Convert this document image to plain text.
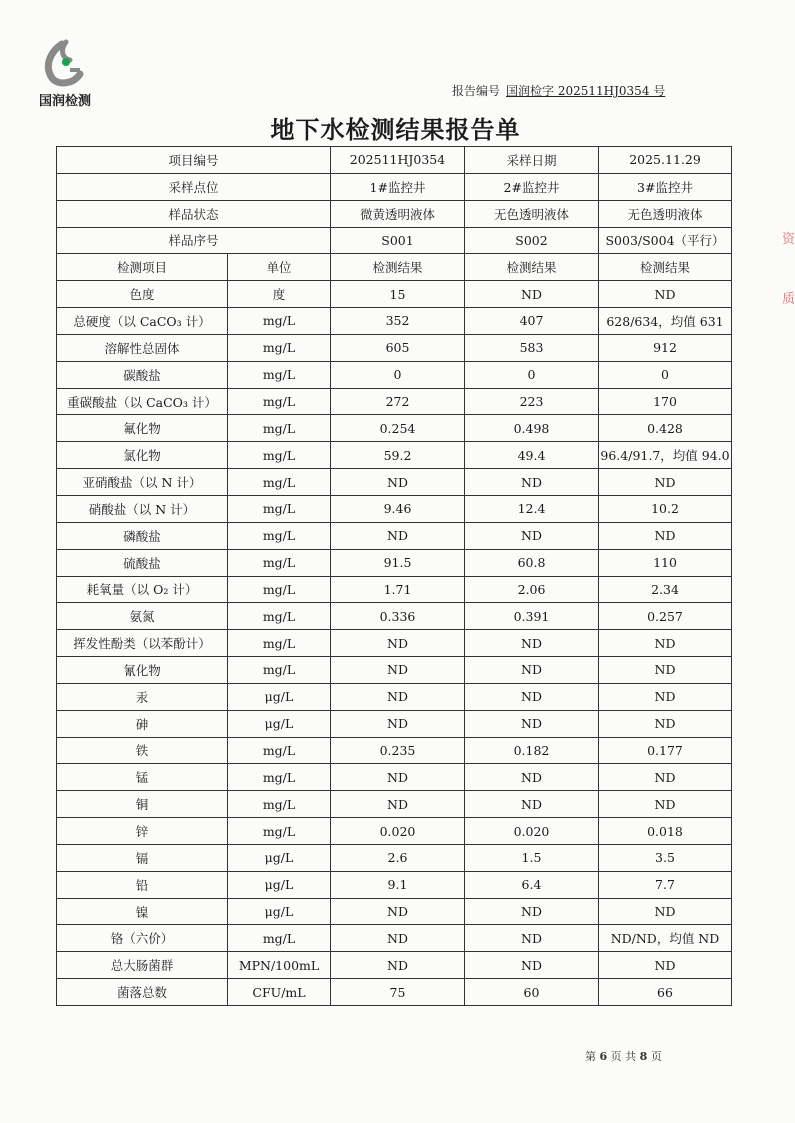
国润检测
报告编号 国润检字 202511HJ0354 号
地下水检测结果报告单
项目编号		202511HJ0354	采样日期	2025.11.29
采样点位		1#监控井	2#监控井	3#监控井
样品状态		微黄透明液体	无色透明液体	无色透明液体
样品序号		S001	S002	S003/S004（平行）
检测项目	单位	检测结果	检测结果	检测结果
色度	度	15	ND	ND
总硬度（以 CaCO₃ 计）	mg/L	352	407	628/634，均值 631
溶解性总固体	mg/L	605	583	912
碳酸盐	mg/L	0	0	0
重碳酸盐（以 CaCO₃ 计）	mg/L	272	223	170
氟化物	mg/L	0.254	0.498	0.428
氯化物	mg/L	59.2	49.4	96.4/91.7，均值 94.0
亚硝酸盐（以 N 计）	mg/L	ND	ND	ND
硝酸盐（以 N 计）	mg/L	9.46	12.4	10.2
磷酸盐	mg/L	ND	ND	ND
硫酸盐	mg/L	91.5	60.8	110
耗氧量（以 O₂ 计）	mg/L	1.71	2.06	2.34
氨氮	mg/L	0.336	0.391	0.257
挥发性酚类（以苯酚计）	mg/L	ND	ND	ND
氰化物	mg/L	ND	ND	ND
汞	μg/L	ND	ND	ND
砷	μg/L	ND	ND	ND
铁	mg/L	0.235	0.182	0.177
锰	mg/L	ND	ND	ND
铜	mg/L	ND	ND	ND
锌	mg/L	0.020	0.020	0.018
镉	μg/L	2.6	1.5	3.5
铅	μg/L	9.1	6.4	7.7
镍	μg/L	ND	ND	ND
铬（六价）	mg/L	ND	ND	ND/ND，均值 ND
总大肠菌群	MPN/100mL	ND	ND	ND
菌落总数	CFU/mL	75	60	66
资 质
第 6 页 共 8 页
